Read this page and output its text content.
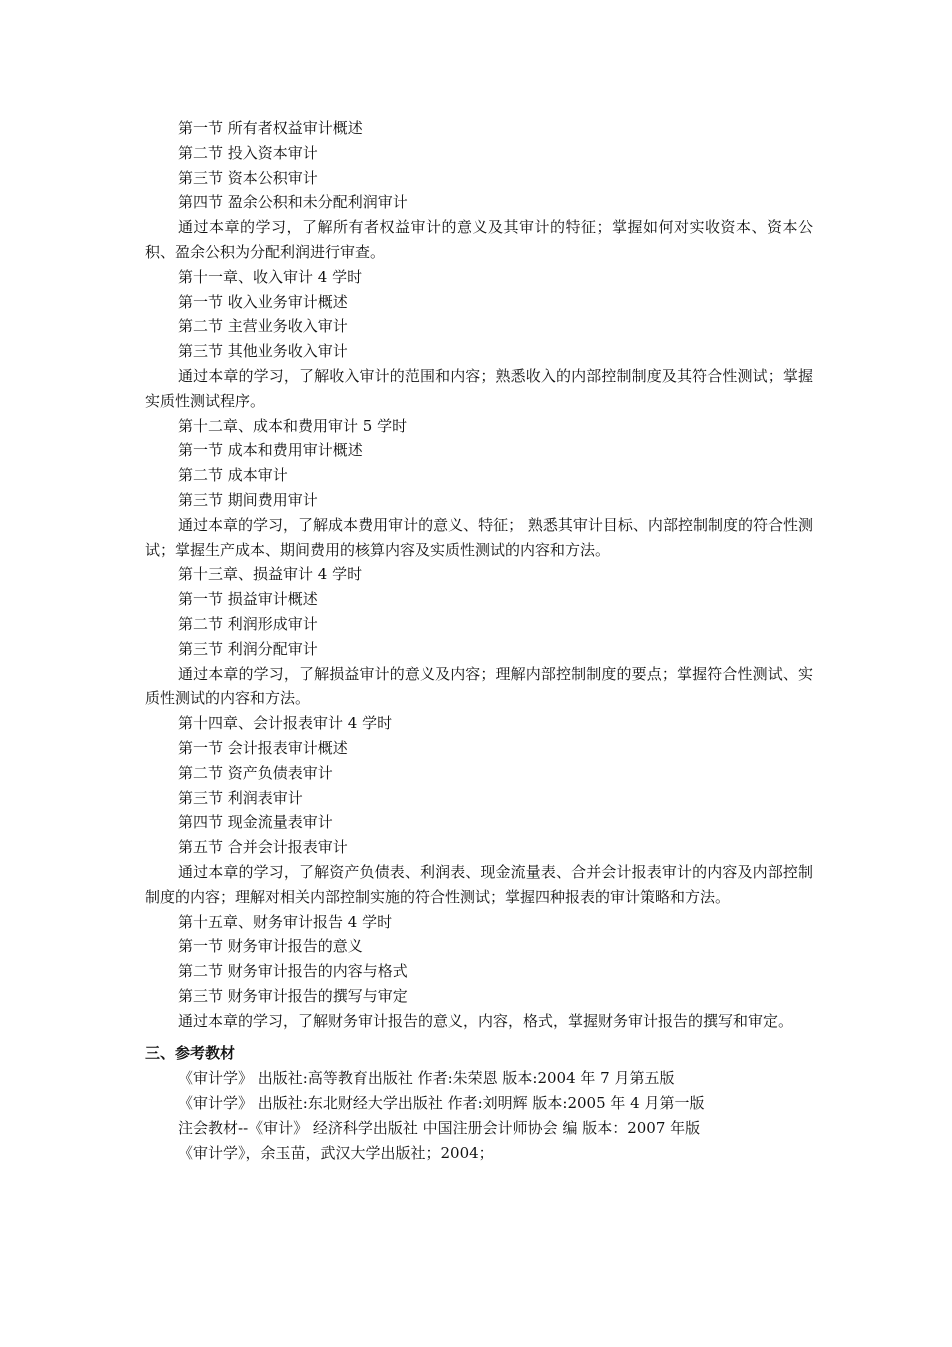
第一节 所有者权益审计概述
第二节 投入资本审计
第三节 资本公积审计
第四节 盈余公积和未分配利润审计
通过本章的学习，了解所有者权益审计的意义及其审计的特征；掌握如何对实收资本、资本公积、盈余公积为分配利润进行审查。
第十一章、收入审计 4 学时
第一节 收入业务审计概述
第二节 主营业务收入审计
第三节 其他业务收入审计
通过本章的学习，了解收入审计的范围和内容；熟悉收入的内部控制制度及其符合性测试；掌握实质性测试程序。
第十二章、成本和费用审计 5 学时
第一节 成本和费用审计概述
第二节 成本审计
第三节 期间费用审计
通过本章的学习，了解成本费用审计的意义、特征； 熟悉其审计目标、内部控制制度的符合性测试；掌握生产成本、期间费用的核算内容及实质性测试的内容和方法。
第十三章、损益审计 4 学时
第一节 损益审计概述
第二节 利润形成审计
第三节 利润分配审计
通过本章的学习，了解损益审计的意义及内容；理解内部控制制度的要点；掌握符合性测试、实质性测试的内容和方法。
第十四章、会计报表审计 4 学时
第一节 会计报表审计概述
第二节 资产负债表审计
第三节 利润表审计
第四节 现金流量表审计
第五节 合并会计报表审计
通过本章的学习，了解资产负债表、利润表、现金流量表、合并会计报表审计的内容及内部控制制度的内容；理解对相关内部控制实施的符合性测试；掌握四种报表的审计策略和方法。
第十五章、财务审计报告 4 学时
第一节 财务审计报告的意义
第二节 财务审计报告的内容与格式
第三节 财务审计报告的撰写与审定
通过本章的学习，了解财务审计报告的意义，内容，格式，掌握财务审计报告的撰写和审定。
三、参考教材
《审计学》 出版社:高等教育出版社 作者:朱荣恩 版本:2004 年 7 月第五版
《审计学》 出版社:东北财经大学出版社 作者:刘明辉 版本:2005 年 4 月第一版
注会教材--《审计》 经济科学出版社 中国注册会计师协会 编 版本：2007 年版
《审计学》，余玉苗，武汉大学出版社；2004；
